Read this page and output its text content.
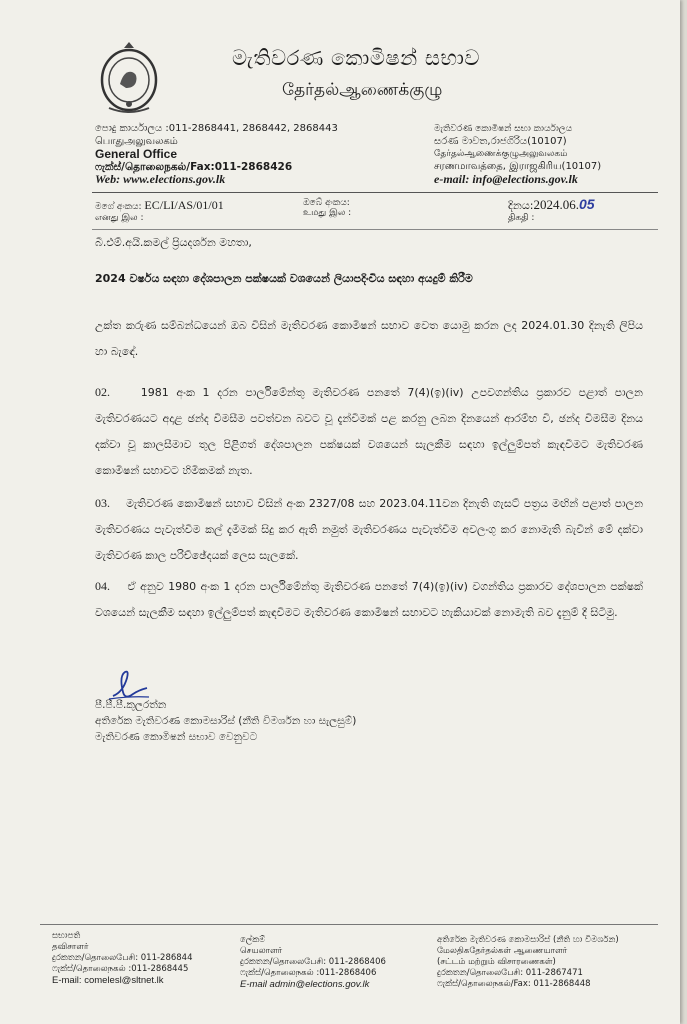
මැතිවරණ කොමිෂන් සභාව
தேர்தல்ஆணைக்குழு
පොදු කාර්යාලය :011-2868441, 2868442, 2868443
பொதுஅலுவலகம்
General Office
ෆැක්ස්/தொலைநகல்/Fax:011-2868426
Web: www.elections.gov.lk
මැතිවරණ කොමිෂන් සභා කාර්යාලය
සරණ මාවත,රාජගිරිය(10107)
தேர்தல்ஆணைக்குழுஅலுவலகம்
சரணமாவத்தை, இராஜகிரிய(10107)
e-mail: info@elections.gov.lk
මගේ අංකය: EC/LI/AS/01/01
எனது இல :
ඔබේ අංකය:
உமது இல :
දිනය:2024.06.05
திகதி :
බී.එම්.අයි.කමල් ප්‍රියදර්ශන මහතා,
2024 වර්ෂය සඳහා දේශපාලන පක්ෂයක් වශයෙන් ලියාපදිංචිය සඳහා අයදුම් කිරීම
උක්ත කරුණ සම්බන්ධයෙන් ඔබ විසින් මැතිවරණ කොමිෂන් සභාව වෙත යොමු කරන ලද 2024.01.30 දිනැති ලිපිය හා බැඳේ.
02.	1981 අංක 1 දරන පාර්ලිමේන්තු මැතිවරණ පනතේ 7(4)(ඉ)(iv) උපවගන්තිය ප්‍රකාරව පළාත් පාලන මැතිවරණයට අදාළ ඡන්ද විමසීම පවත්වන බවට වූ දැන්වීමක් පළ කරනු ලබන දිනයෙන් ආරම්භ වී, ඡන්ද විමසීම දිනය දක්වා වූ කාලසීමාව තුල පිළිගත් දේශපාලන පක්ෂයක් වශයෙන් සැලකීම සඳහා ඉල්ලුම්පත් කැඳවීමට මැතිවරණ කොමිෂන් සභාවට හිමිකමක් නැත.
03. මැතිවරණ කොමිෂන් සභාව විසින් අංක 2327/08 සහ 2023.04.11වන දිනැති ගැසට් පත්‍රය මඟින් පළාත් පාලන මැතිවරණය පැවැත්වීම කල් දැමීමක් සිදු කර ඇති නමුත් මැතිවරණය පැවැත්වීම අවලංගු කර නොමැති බැවින් මේ දක්වා මැතිවරණ කාල පරිච්ඡේදයක් ලෙස සැලකේ.
04. ඒ අනුව 1980 අංක 1 දරන පාර්ලිමේන්තු මැතිවරණ පනතේ 7(4)(ඉ)(iv) වගන්තිය ප්‍රකාරව දේශපාලන පක්ෂක් වශයෙන් සැලකීම සඳහා ඉල්ලුම්පත් කැඳවීමට මැතිවරණ කොමිෂන් සභාවට හැකියාවක් නොමැති බව දැනුම් දී සිටිමු.
පී.පී.පී.කුලරත්න
අතිරේක මැතිවරණ කොමසාරිස් (නීති විමර්ශන හා සැලසුම්)
මැතිවරණ කොමිෂන් සභාව වෙනුවට
සභාපති
தவிசாளர்
දුරකතන/தொலைபேசி: 011-286844
ෆැක්ස්/தொலைநகல் :011-2868445
E-mail: comelesl@sltnet.lk
ලේකම්
செயலாளர்
දුරකතන/தொலைபேசி: 011-2868406
ෆැක්ස්/தொலைநகல் :011-2868406
E-mail admin@elections.gov.lk
අතිරේක මැතිවරණ කොමසාරිස් (නීති හා විමර්ශන)
மேலதிகதேர்தல்கள் ஆணையாளர்
(சட்டம் மற்றும் விசாரணைகள்)
දුරකතන/தொலைபேசி: 011-2867471
ෆැක්ස්/தொலைநகல்/Fax: 011-2868448
